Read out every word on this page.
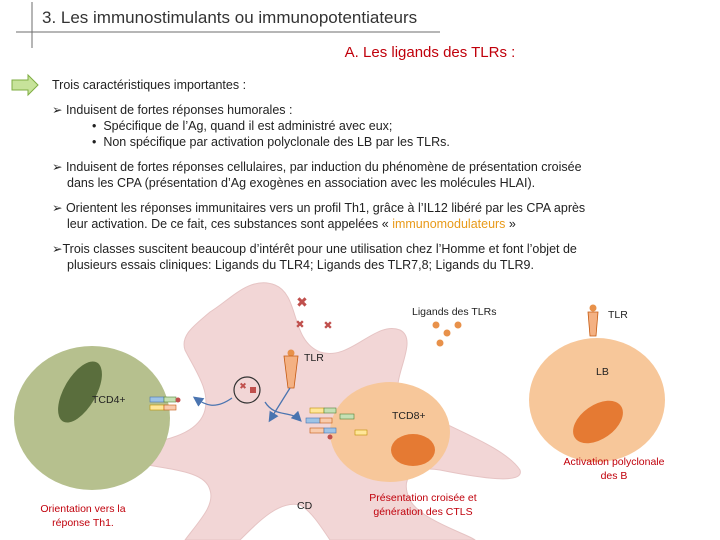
3. Les immunostimulants ou immunopotentiateurs
✖
✖ ✖
✖
A. Les ligands des TLRs :
Trois caractéristiques importantes :

➢ Induisent de fortes réponses humorales :

•  Spécifique de l’Ag, quand il est administré avec eux;

•  Non spécifique par activation polyclonale des LB par les TLRs.

➢ Induisent de fortes réponses cellulaires, par induction du phénomène de présentation croisée

dans les CPA (présentation d’Ag exogènes en association avec les molécules HLAI).

➢ Orientent les réponses immunitaires vers un profil Th1, grâce à l’IL12 libéré par les CPA après

leur activation. De ce fait, ces substances sont appelées « immunomodulateurs »

➢Trois classes suscitent beaucoup d’intérêt pour une utilisation chez l’Homme et font l’objet de

plusieurs essais cliniques: Ligands du TLR4; Ligands des TLR7,8; Ligands du TLR9.

Ligands des TLRs	TLR
TLR
LB
TCD4+
TCD8+
Activation polyclonale des B
Orientation vers la réponse Th1.
CD
Présentation croisée et génération des CTLS
